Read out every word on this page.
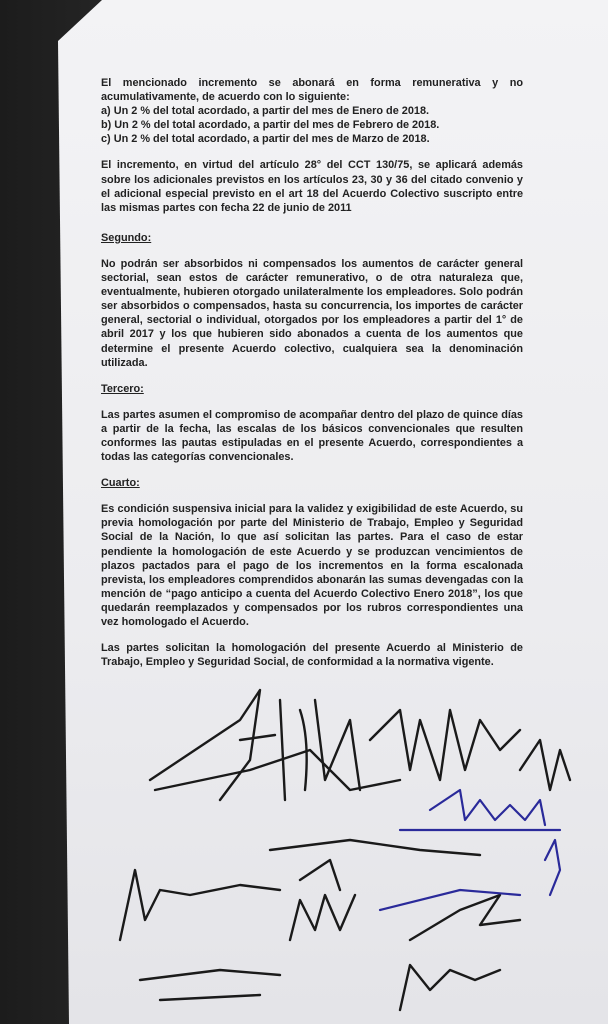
El mencionado incremento se abonará en forma remunerativa y no acumulativamente, de acuerdo con lo siguiente:

a) Un 2 % del total acordado, a partir del mes de Enero de 2018.

b) Un 2 % del total acordado, a partir del mes de Febrero de 2018.

c) Un 2 % del total acordado, a partir del mes de Marzo de 2018.

El incremento, en virtud del artículo 28° del CCT 130/75, se aplicará además sobre los adicionales previstos en los artículos 23, 30 y 36 del citado convenio y el adicional especial previsto en el art 18 del Acuerdo Colectivo suscripto entre las mismas partes con fecha 22 de junio de 2011

Segundo:

No podrán ser absorbidos ni compensados los aumentos de carácter general sectorial, sean estos de carácter remunerativo, o de otra naturaleza que, eventualmente, hubieren otorgado unilateralmente los empleadores. Solo podrán ser absorbidos o compensados, hasta su concurrencia, los importes de carácter general, sectorial o individual, otorgados por los empleadores a partir del 1° de abril 2017 y los que hubieren sido abonados a cuenta de los aumentos que determine el presente Acuerdo colectivo, cualquiera sea la denominación utilizada.

Tercero:

Las partes asumen el compromiso de acompañar dentro del plazo de quince días a partir de la fecha, las escalas de los básicos convencionales que resulten conformes las pautas estipuladas en el presente Acuerdo, correspondientes a todas las categorías convencionales.

Cuarto:

Es condición suspensiva inicial para la validez y exigibilidad de este Acuerdo, su previa homologación por parte del Ministerio de Trabajo, Empleo y Seguridad Social de la Nación, lo que así solicitan las partes. Para el caso de estar pendiente la homologación de este Acuerdo y se produzcan vencimientos de plazos pactados para el pago de los incrementos en la forma escalonada prevista, los empleadores comprendidos abonarán las sumas devengadas con la mención de “pago anticipo a cuenta del Acuerdo Colectivo Enero 2018”, los que quedarán reemplazados y compensados por los rubros correspondientes una vez homologado el Acuerdo.

Las partes solicitan la homologación del presente Acuerdo al Ministerio de Trabajo, Empleo y Seguridad Social, de conformidad a la normativa vigente.
